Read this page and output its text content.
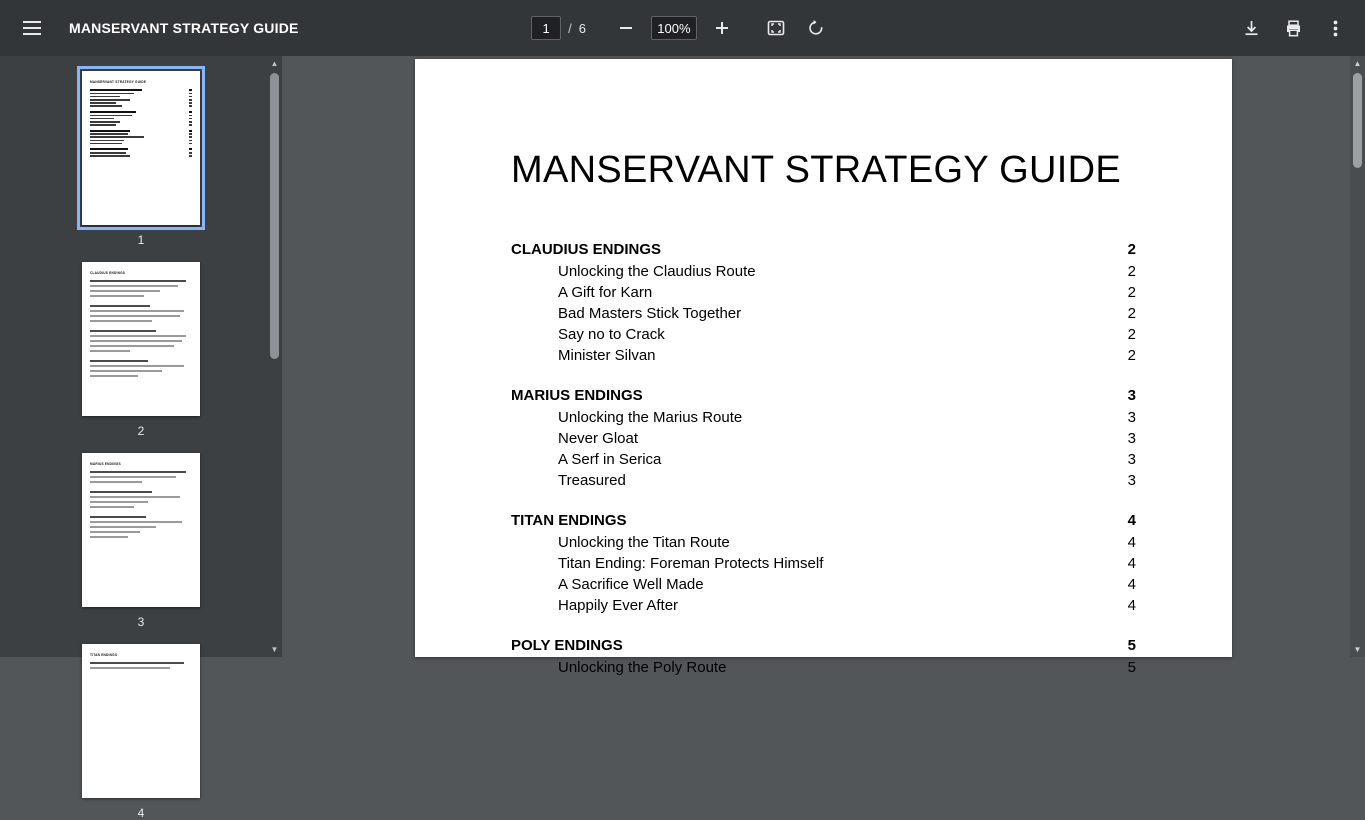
MANSERVANT STRATEGY GUIDE
1	/ 6	100%
MANSERVANT STRATEGY GUIDE
1
CLAUDIUS ENDINGS
2
MARIUS ENDINGS
3
TITAN ENDINGS
4
▲
▼
MANSERVANT STRATEGY GUIDE
CLAUDIUS ENDINGS	2
Unlocking the Claudius Route	2
A Gift for Karn	2
Bad Masters Stick Together	2
Say no to Crack	2
Minister Silvan	2
MARIUS ENDINGS	3
Unlocking the Marius Route	3
Never Gloat	3
A Serf in Serica	3
Treasured	3
TITAN ENDINGS	4
Unlocking the Titan Route	4
Titan Ending: Foreman Protects Himself	4
A Sacrifice Well Made	4
Happily Ever After	4
POLY ENDINGS	5
Unlocking the Poly Route	5
▲
▼
